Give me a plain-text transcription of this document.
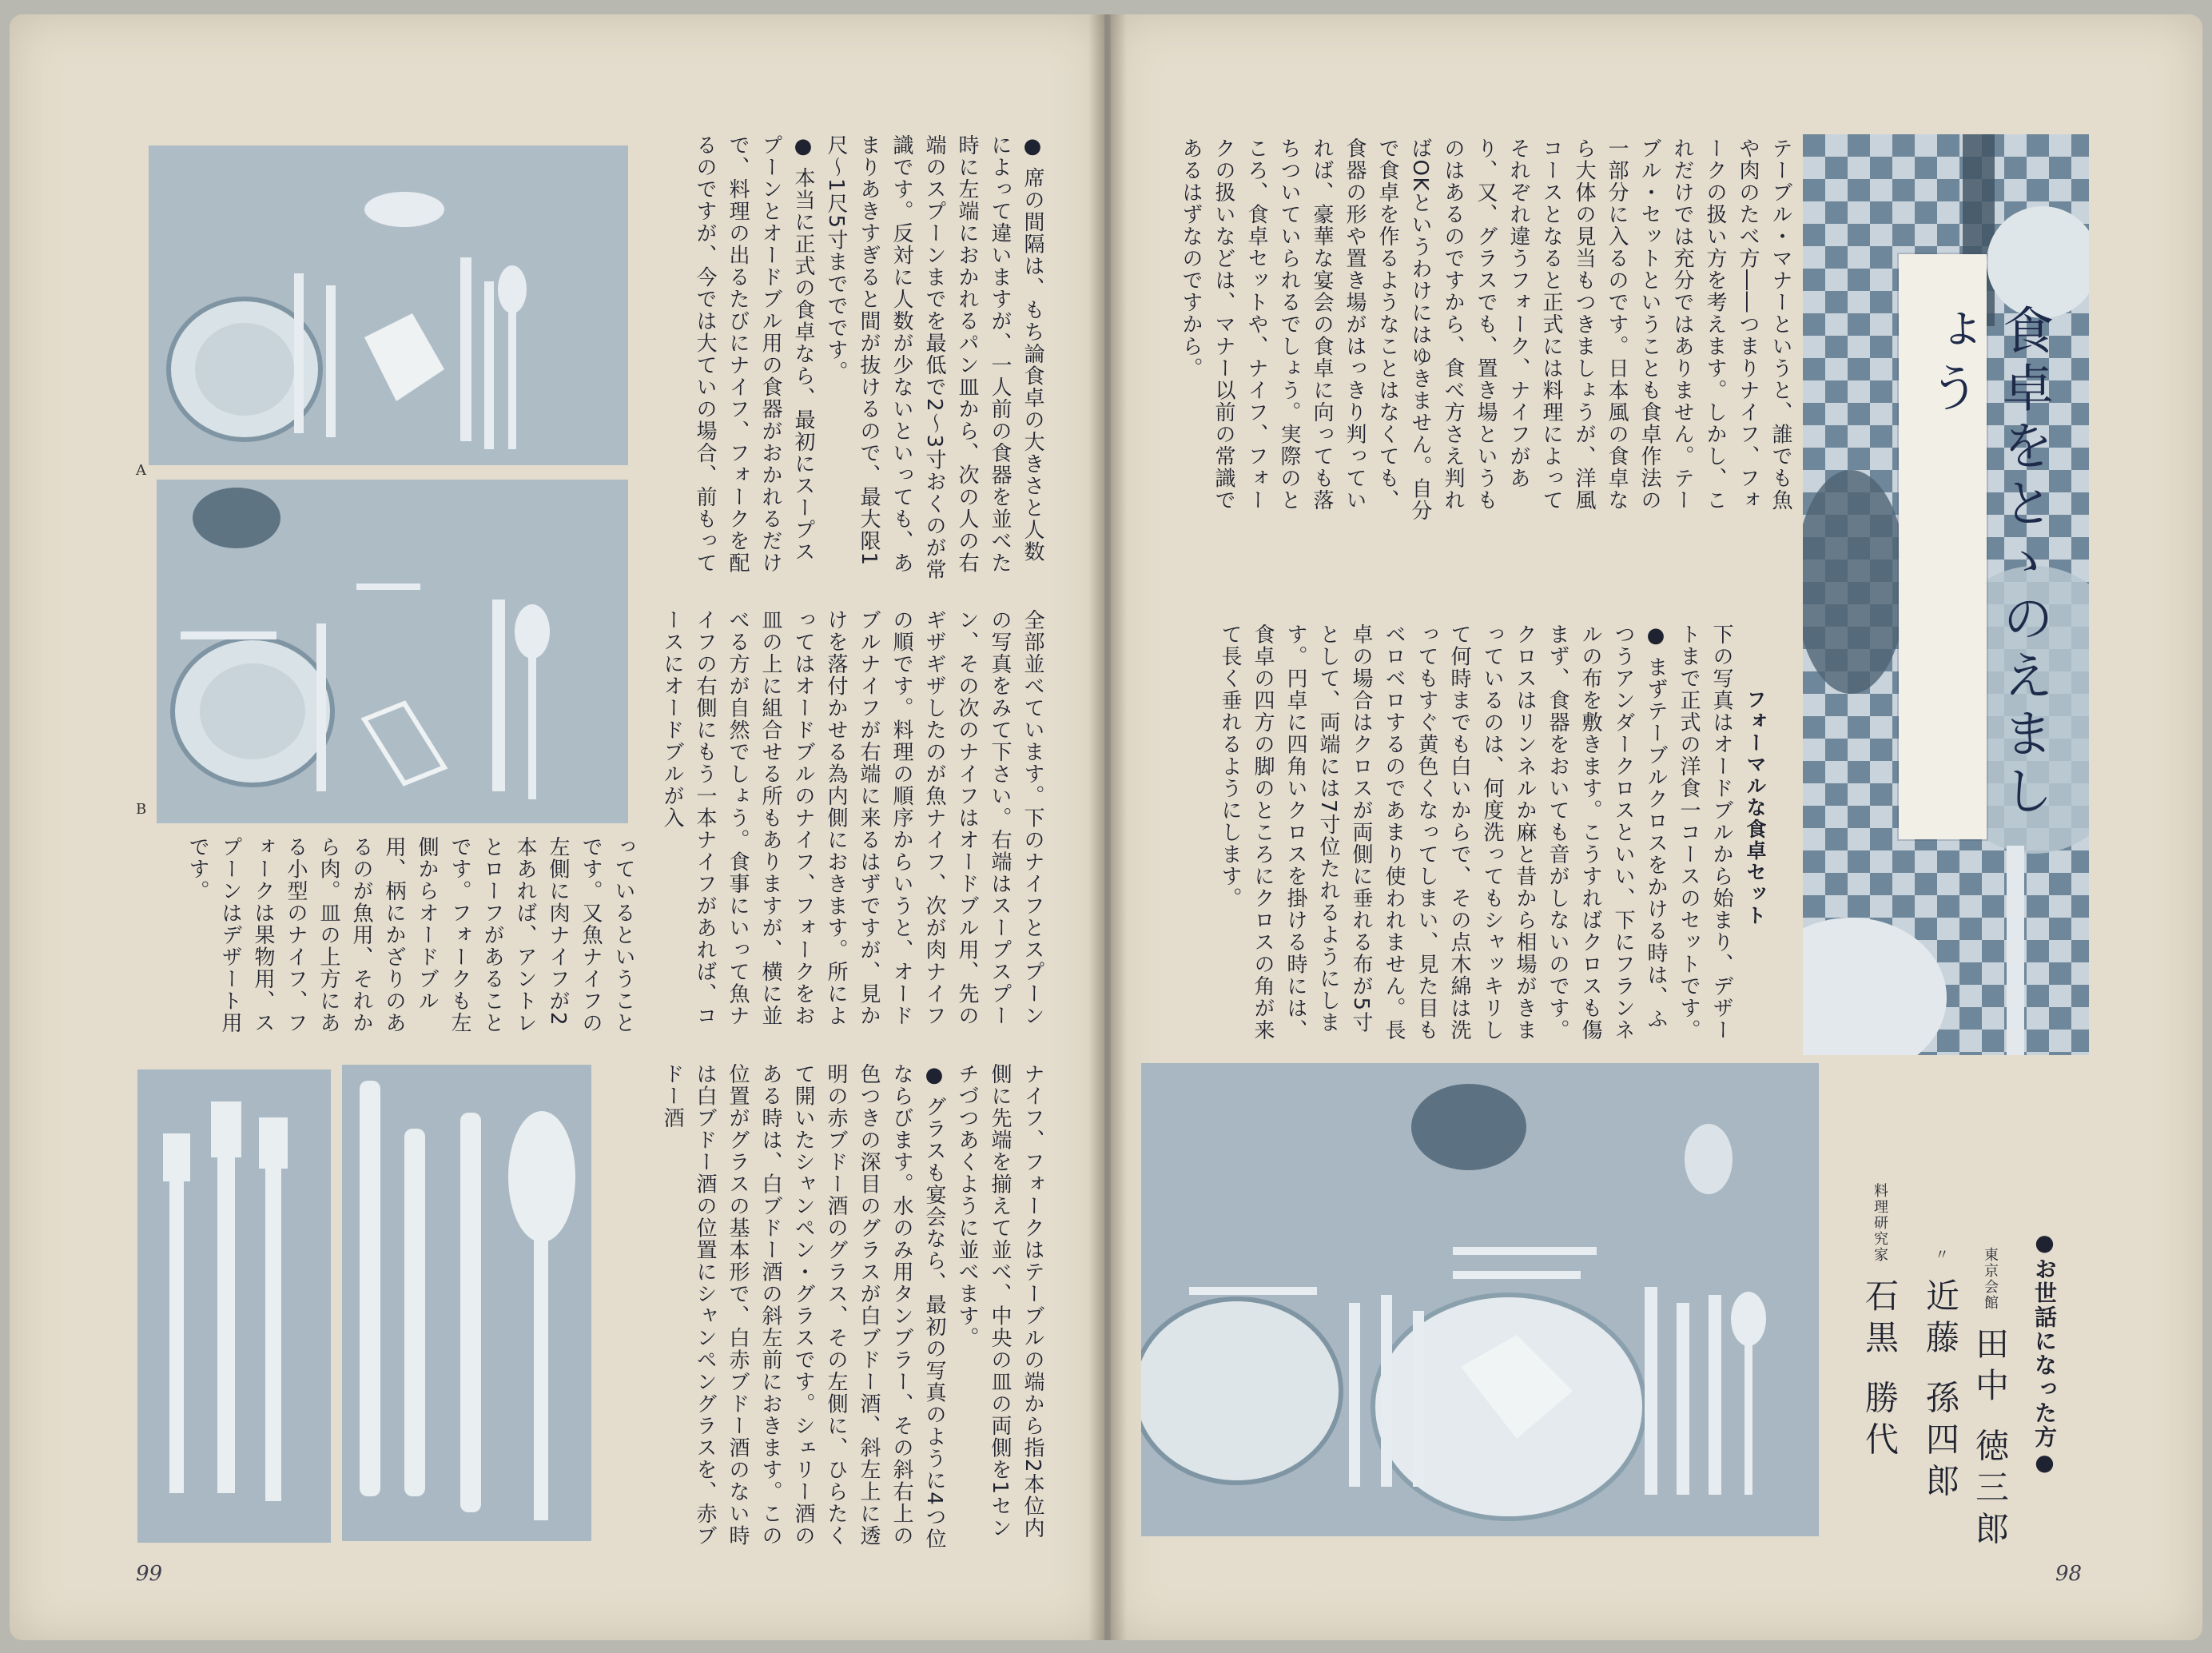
A
B
● 席の間隔は、もち論食卓の大きさと人数によって違いますが、一人前の食器を並べた時に左端におかれるパン皿から、次の人の右端のスプーンまでを最低で2〜3寸おくのが常識です。反対に人数が少ないといっても、あまりあきすぎると間が抜けるので、最大限1尺〜1尺5寸まででです。
● 本当に正式の食卓なら、最初にスープスプーンとオードブル用の食器がおかれるだけで、料理の出るたびにナイフ、フォークを配るのですが、今では大ていの場合、前もって
全部並べています。下のナイフとスプーンの写真をみて下さい。右端はスープスプーン、その次のナイフはオードブル用、先のギザギザしたのが魚ナイフ、次が肉ナイフの順です。料理の順序からいうと、オードブルナイフが右端に来るはずですが、見かけを落付かせる為内側におきます。所によってはオードブルのナイフ、フォークをお皿の上に組合せる所もありますが、横に並べる方が自然でしょう。食事にいって魚ナイフの右側にもう一本ナイフがあれば、コースにオードブルが入
っているということです。又魚ナイフの左側に肉ナイフが2本あれば、アントレとローフがあることです。フォークも左側からオードブル用、柄にかざりのあるのが魚用、それから肉。皿の上方にある小型のナイフ、フォークは果物用、スプーンはデザート用です。
ナイフ、フォークはテーブルの端から指2本位内側に先端を揃えて並べ、中央の皿の両側を1センチづつあくように並べます。
● グラスも宴会なら、最初の写真のように4つ位ならびます。水のみ用タンブラー、その斜右上の色つきの深目のグラスが白ブドー酒、斜左上に透明の赤ブドー酒のグラス、その左側に、ひらたくて開いたシャンペン・グラスです。シェリー酒のある時は、白ブドー酒の斜左前におきます。この位置がグラスの基本形で、白赤ブドー酒のない時は白ブドー酒の位置にシャンペングラスを、赤ブドー酒
99
食卓をとゝのえましょう
テーブル・マナーというと、誰でも魚や肉のたべ方――つまりナイフ、フォークの扱い方を考えます。しかし、これだけでは充分ではありません。テーブル・セットということも食卓作法の一部分に入るのです。日本風の食卓なら大体の見当もつきましょうが、洋風コースとなると正式には料理によってそれぞれ違うフォーク、ナイフがあり、又、グラスでも、置き場というものはあるのですから、食べ方さえ判ればOKというわけにはゆきません。自分で食卓を作るようなことはなくても、食器の形や置き場がはっきり判っていれば、豪華な宴会の食卓に向っても落ちついていられるでしょう。実際のところ、食卓セットや、ナイフ、フォークの扱いなどは、マナー以前の常識であるはずなのですから。
フォーマルな食卓セット
下の写真はオードブルから始まり、デザートまで正式の洋食一コースのセットです。
● まずテーブルクロスをかける時は、ふつうアンダークロスといい、下にフランネルの布を敷きます。こうすればクロスも傷まず、食器をおいても音がしないのです。クロスはリンネルか麻と昔から相場がきまっているのは、何度洗ってもシャッキリして何時までも白いからで、その点木綿は洗ってもすぐ黄色くなってしまい、見た目もベロベロするのであまり使われません。長卓の場合はクロスが両側に垂れる布が5寸として、両端には7寸位たれるようにします。円卓に四角いクロスを掛ける時には、食卓の四方の脚のところにクロスの角が来て長く垂れるようにします。
●お世話になった方●
東京会館 田中 徳三郎
〃 近藤 孫四郎
料理研究家 石黒 勝代
98
